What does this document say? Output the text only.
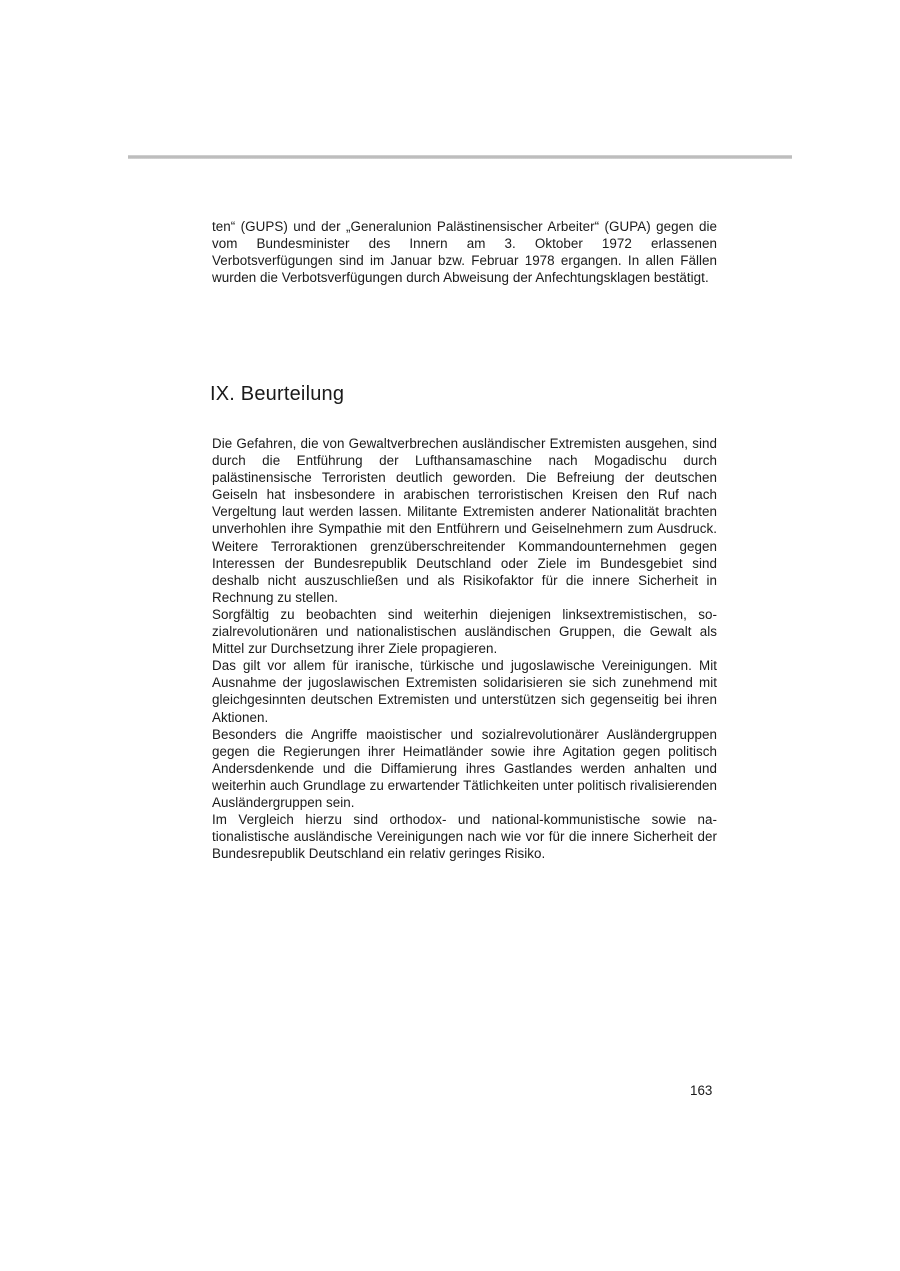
ten“ (GUPS) und der „Generalunion Palästinensischer Arbeiter“ (GUPA) gegen die vom Bundesminister des Innern am 3. Oktober 1972 erlassenen Verbotsverfügungen sind im Januar bzw. Februar 1978 ergangen. In allen Fällen wurden die Verbotsverfügungen durch Abweisung der Anfechtungsklagen bestätigt.

IX. Beurteilung

Die Gefahren, die von Gewaltverbrechen ausländischer Extremisten ausgehen, sind durch die Entführung der Lufthansamaschine nach Mogadischu durch palästinensische Terroristen deutlich geworden. Die Befreiung der deutschen Geiseln hat insbesondere in arabischen terroristischen Kreisen den Ruf nach Vergeltung laut werden lassen. Militante Extremisten anderer Nationalität brachten unverhohlen ihre Sympathie mit den Entführern und Geiselnehmern zum Ausdruck. Weitere Terroraktionen grenzüberschreitender Kommandounternehmen gegen Interessen der Bundesrepublik Deutschland oder Ziele im Bundesgebiet sind deshalb nicht auszuschließen und als Risikofaktor für die innere Sicherheit in Rechnung zu stellen.

Sorgfältig zu beobachten sind weiterhin diejenigen linksextremistischen, sozialrevolutionären und nationalistischen ausländischen Gruppen, die Gewalt als Mittel zur Durchsetzung ihrer Ziele propagieren.

Das gilt vor allem für iranische, türkische und jugoslawische Vereinigungen. Mit Ausnahme der jugoslawischen Extremisten solidarisieren sie sich zunehmend mit gleichgesinnten deutschen Extremisten und unterstützen sich gegenseitig bei ihren Aktionen.

Besonders die Angriffe maoistischer und sozialrevolutionärer Ausländergruppen gegen die Regierungen ihrer Heimatländer sowie ihre Agitation gegen politisch Andersdenkende und die Diffamierung ihres Gastlandes werden anhalten und weiterhin auch Grundlage zu erwartender Tätlichkeiten unter politisch rivalisierenden Ausländergruppen sein.

Im Vergleich hierzu sind orthodox- und national-kommunistische sowie nationalistische ausländische Vereinigungen nach wie vor für die innere Sicherheit der Bundesrepublik Deutschland ein relativ geringes Risiko.

163
